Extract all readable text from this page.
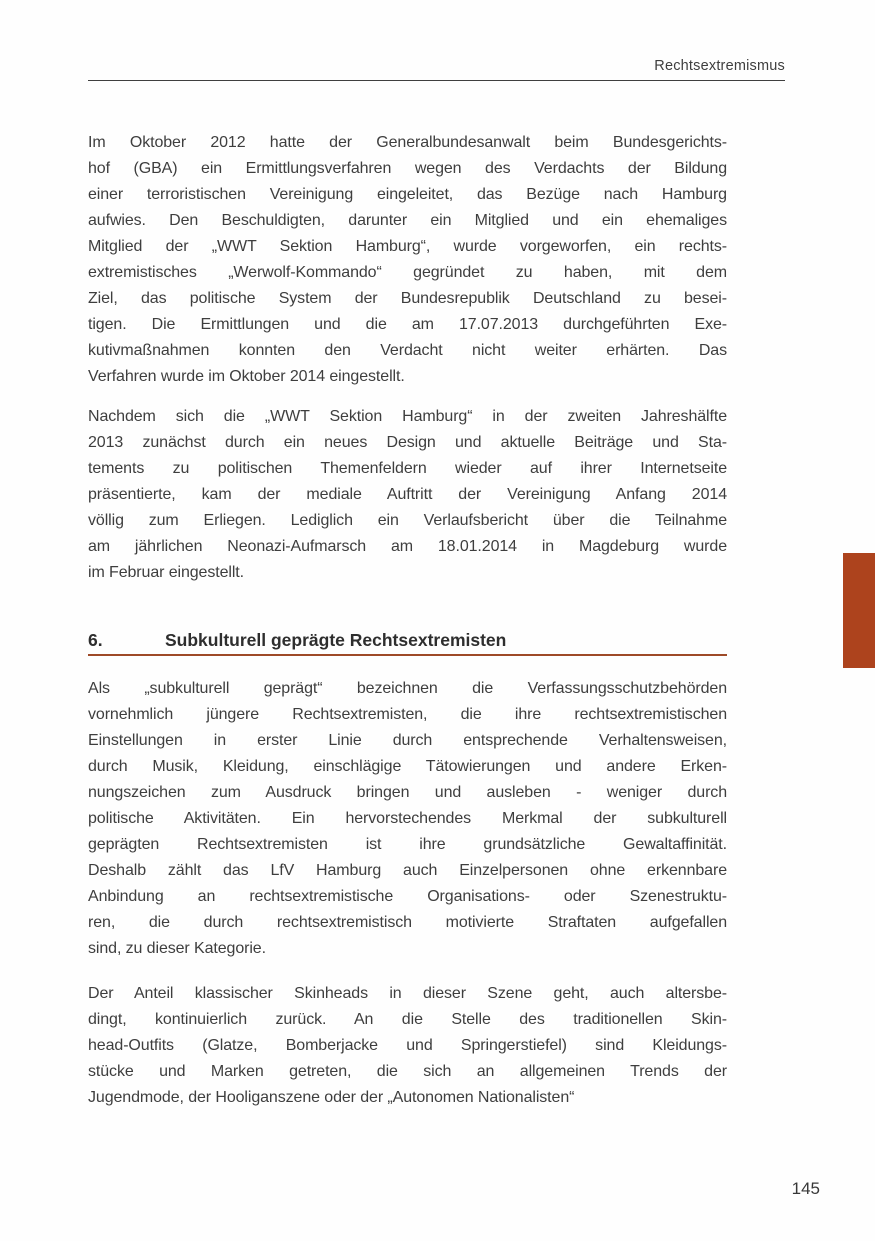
Rechtsextremismus
Im Oktober 2012 hatte der Generalbundesanwalt beim Bundesgerichts-
hof (GBA) ein Ermittlungsverfahren wegen des Verdachts der Bildung
einer terroristischen Vereinigung eingeleitet, das Bezüge nach Hamburg
aufwies. Den Beschuldigten, darunter ein Mitglied und ein ehemaliges
Mitglied der „WWT Sektion Hamburg“, wurde vorgeworfen, ein rechts-
extremistisches „Werwolf-Kommando“ gegründet zu haben, mit dem
Ziel, das politische System der Bundesrepublik Deutschland zu besei-
tigen. Die Ermittlungen und die am 17.07.2013 durchgeführten Exe-
kutivmaßnahmen konnten den Verdacht nicht weiter erhärten. Das
Verfahren wurde im Oktober 2014 eingestellt.
Nachdem sich die „WWT Sektion Hamburg“ in der zweiten Jahreshälfte
2013 zunächst durch ein neues Design und aktuelle Beiträge und Sta-
tements zu politischen Themenfeldern wieder auf ihrer Internetseite
präsentierte, kam der mediale Auftritt der Vereinigung Anfang 2014
völlig zum Erliegen. Lediglich ein Verlaufsbericht über die Teilnahme
am jährlichen Neonazi-Aufmarsch am 18.01.2014 in Magdeburg wurde
im Februar eingestellt.
6.	Subkulturell geprägte Rechtsextremisten
Als „subkulturell geprägt“ bezeichnen die Verfassungsschutzbehörden
vornehmlich jüngere Rechtsextremisten, die ihre rechtsextremistischen
Einstellungen in erster Linie durch entsprechende Verhaltensweisen,
durch Musik, Kleidung, einschlägige Tätowierungen und andere Erken-
nungszeichen zum Ausdruck bringen und ausleben - weniger durch
politische Aktivitäten. Ein hervorstechendes Merkmal der subkulturell
geprägten Rechtsextremisten ist ihre grundsätzliche Gewaltaffinität.
Deshalb zählt das LfV Hamburg auch Einzelpersonen ohne erkennbare
Anbindung an rechtsextremistische Organisations- oder Szenestruktu-
ren, die durch rechtsextremistisch motivierte Straftaten aufgefallen
sind, zu dieser Kategorie.
Der Anteil klassischer Skinheads in dieser Szene geht, auch altersbe-
dingt, kontinuierlich zurück. An die Stelle des traditionellen Skin-
head-Outfits (Glatze, Bomberjacke und Springerstiefel) sind Kleidungs-
stücke und Marken getreten, die sich an allgemeinen Trends der
Jugendmode, der Hooliganszene oder der „Autonomen Nationalisten“
145
